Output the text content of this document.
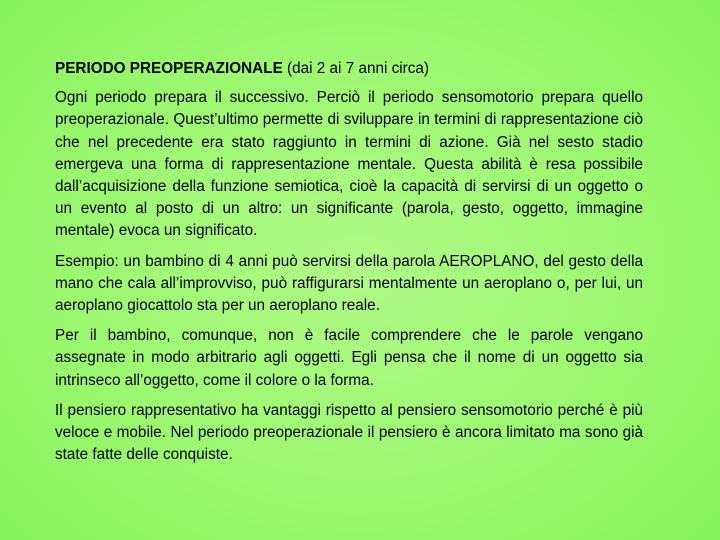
PERIODO PREOPERAZIONALE (dai 2 ai 7 anni circa)

Ogni periodo prepara il successivo. Perciò il periodo sensomotorio prepara quello preoperazionale. Quest’ultimo permette di sviluppare in termini di rappresentazione ciò che nel precedente era stato raggiunto in termini di azione. Già nel sesto stadio emergeva una forma di rappresentazione mentale. Questa abilità è resa possibile dall’acquisizione della funzione semiotica, cioè la capacità di servirsi di un oggetto o un evento al posto di un altro: un significante (parola, gesto, oggetto, immagine mentale) evoca un significato.

Esempio: un bambino di 4 anni può servirsi della parola AEROPLANO, del gesto della mano che cala all’improvviso, può raffigurarsi mentalmente un aeroplano o, per lui, un aeroplano giocattolo sta per un aeroplano reale.

Per il bambino, comunque, non è facile comprendere che le parole vengano assegnate in modo arbitrario agli oggetti. Egli pensa che il nome di un oggetto sia intrinseco all’oggetto, come il colore o la forma.

Il pensiero rappresentativo ha vantaggi rispetto al pensiero sensomotorio perché è più veloce e mobile. Nel periodo preoperazionale il pensiero è ancora limitato ma sono già state fatte delle conquiste.
